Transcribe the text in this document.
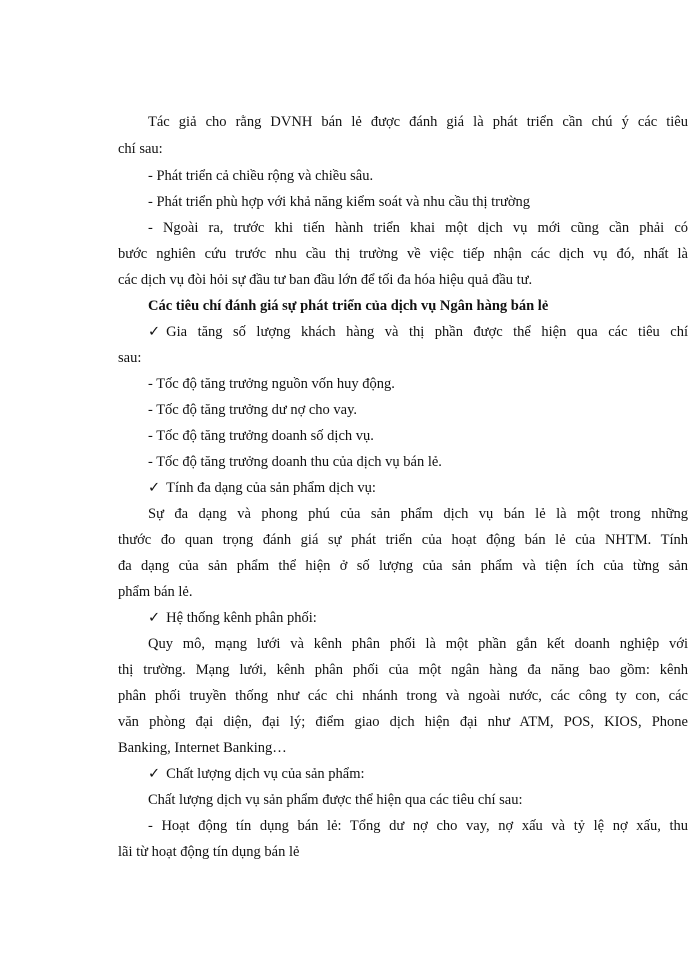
Tác giả cho rằng DVNH bán lẻ được đánh giá là phát triển cần chú ý các tiêu
chí sau:
- Phát triển cả chiều rộng và chiều sâu.
- Phát triển phù hợp với khả năng kiểm soát và nhu cầu thị trường
- Ngoài ra, trước khi tiến hành triển khai một dịch vụ mới cũng cần phải có
bước nghiên cứu trước nhu cầu thị trường về việc tiếp nhận các dịch vụ đó, nhất là
các dịch vụ đòi hỏi sự đầu tư ban đầu lớn để tối đa hóa hiệu quả đầu tư.
Các tiêu chí đánh giá sự phát triển của dịch vụ Ngân hàng bán lẻ
✓ Gia tăng số lượng khách hàng và thị phần được thể hiện qua các tiêu chí
sau:
- Tốc độ tăng trưởng nguồn vốn huy động.
- Tốc độ tăng trưởng dư nợ cho vay.
- Tốc độ tăng trưởng doanh số dịch vụ.
- Tốc độ tăng trưởng doanh thu của dịch vụ bán lẻ.
✓ Tính đa dạng của sản phẩm dịch vụ:
Sự đa dạng và phong phú của sản phẩm dịch vụ bán lẻ là một trong những
thước đo quan trọng đánh giá sự phát triển của hoạt động bán lẻ của NHTM. Tính
đa dạng của sản phẩm thể hiện ở số lượng của sản phẩm và tiện ích của từng sản
phẩm bán lẻ.
✓ Hệ thống kênh phân phối:
Quy mô, mạng lưới và kênh phân phối là một phần gắn kết doanh nghiệp với
thị trường. Mạng lưới, kênh phân phối của một ngân hàng đa năng bao gồm: kênh
phân phối truyền thống như các chi nhánh trong và ngoài nước, các công ty con, các
văn phòng đại diện, đại lý; điểm giao dịch hiện đại như ATM, POS, KIOS, Phone
Banking, Internet Banking…
✓ Chất lượng dịch vụ của sản phẩm:
Chất lượng dịch vụ sản phẩm được thể hiện qua các tiêu chí sau:
- Hoạt động tín dụng bán lẻ: Tổng dư nợ cho vay, nợ xấu và tỷ lệ nợ xấu, thu
lãi từ hoạt động tín dụng bán lẻ
